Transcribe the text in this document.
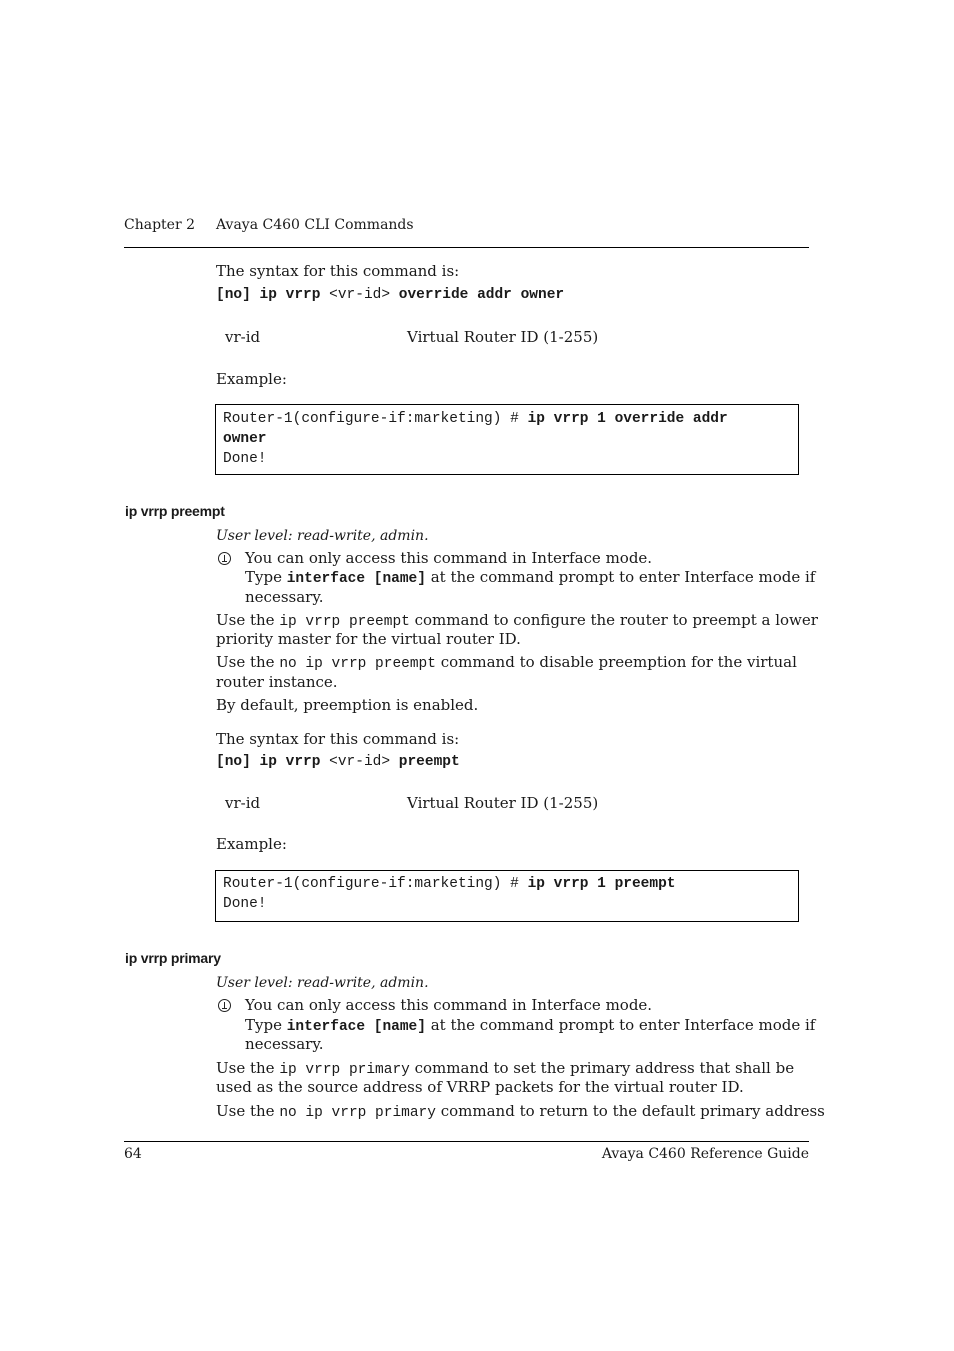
Chapter 2 Avaya C460 CLI Commands
The syntax for this command is:
[no] ip vrrp <vr-id> override addr owner
vr-id	Virtual Router ID (1-255)
Example:
Router-1(configure-if:marketing) # ip vrrp 1 override addr
owner
Done!
ip vrrp preempt
User level: read-write, admin.
You can only access this command in Interface mode.
Type interface [name] at the command prompt to enter Interface mode if
necessary.
Use the ip vrrp preempt command to configure the router to preempt a lower
priority master for the virtual router ID.
Use the no ip vrrp preempt command to disable preemption for the virtual
router instance.
By default, preemption is enabled.
The syntax for this command is:
[no] ip vrrp <vr-id> preempt
vr-id	Virtual Router ID (1-255)
Example:
Router-1(configure-if:marketing) # ip vrrp 1 preempt
Done!
ip vrrp primary
User level: read-write, admin.
You can only access this command in Interface mode.
Type interface [name] at the command prompt to enter Interface mode if
necessary.
Use the ip vrrp primary command to set the primary address that shall be
used as the source address of VRRP packets for the virtual router ID.
Use the no ip vrrp primary command to return to the default primary address
64	Avaya C460 Reference Guide
